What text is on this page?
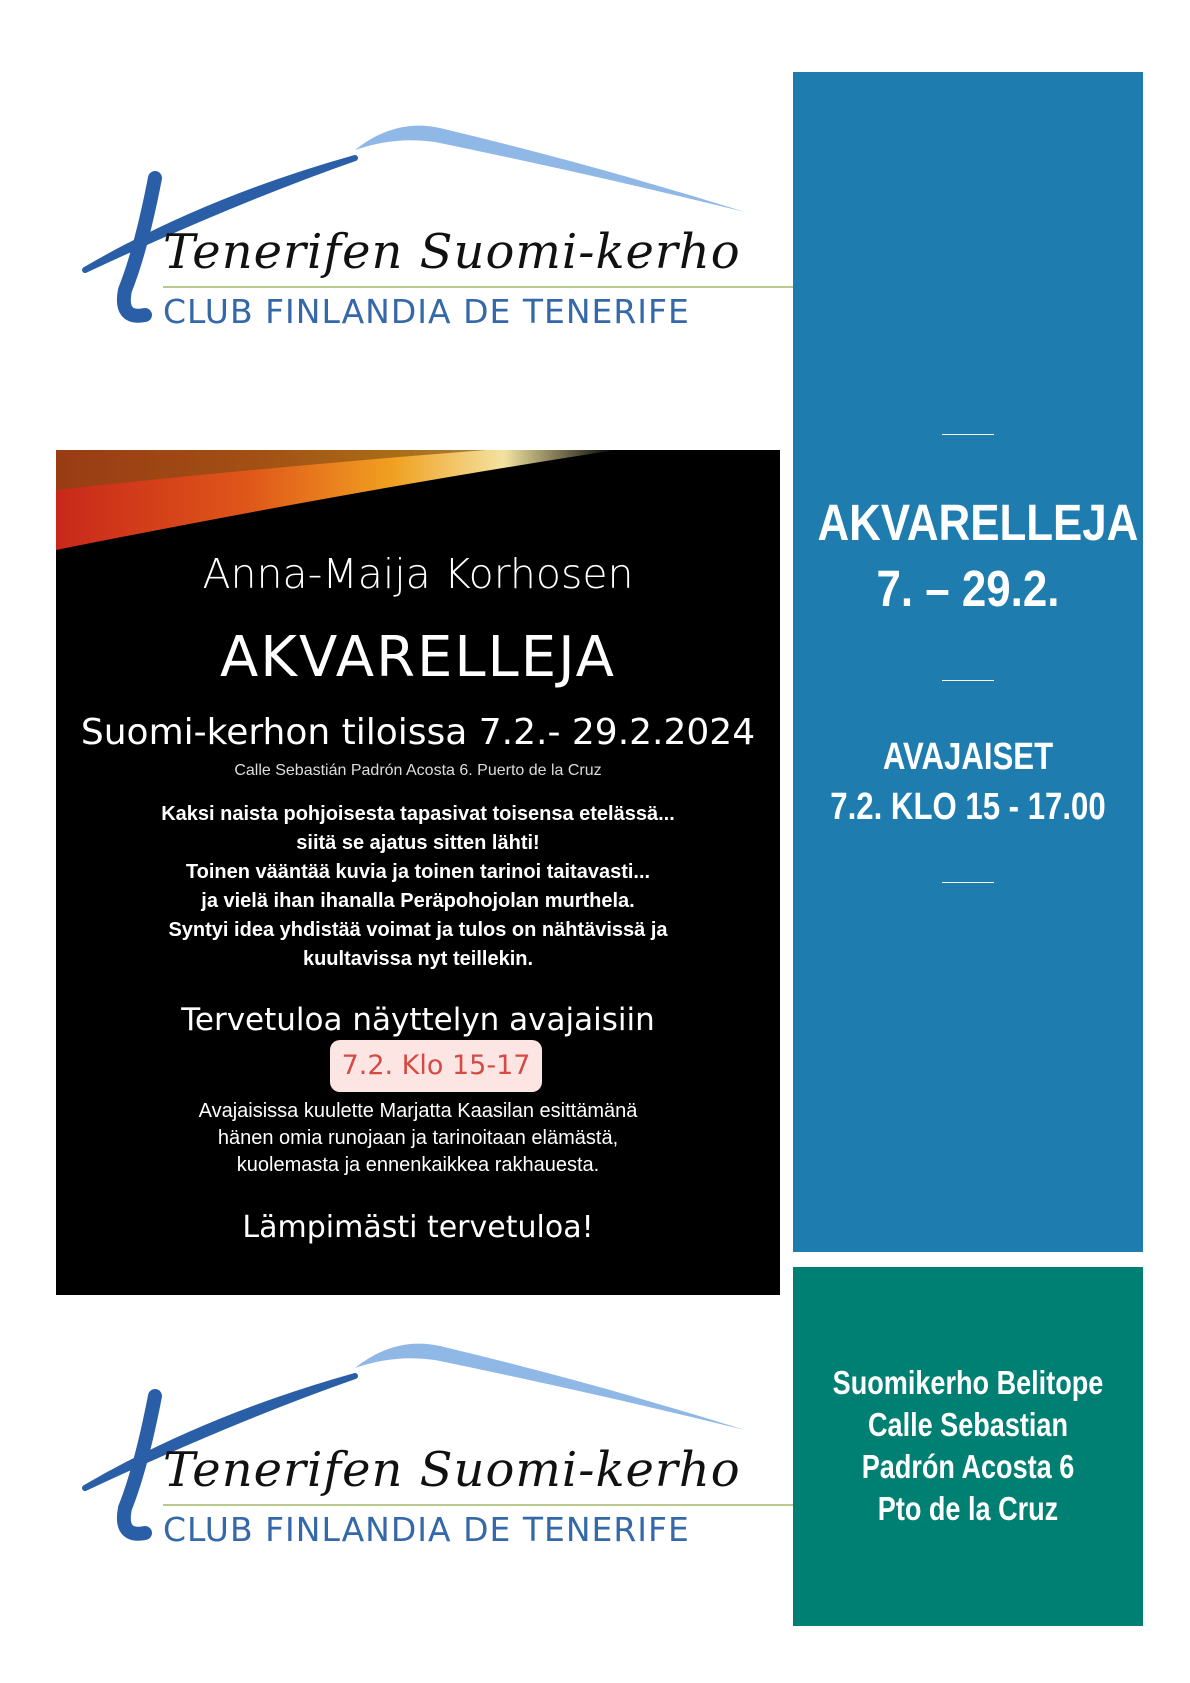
Tenerifen Suomi-kerho
CLUB FINLANDIA DE TENERIFE
Anna-Maija Korhosen
AKVARELLEJA
Suomi-kerhon tiloissa 7.2.- 29.2.2024
Calle Sebastián Padrón Acosta 6. Puerto de la Cruz
Kaksi naista pohjoisesta tapasivat toisensa etelässä...
siitä se ajatus sitten lähti!
Toinen vääntää kuvia ja toinen tarinoi taitavasti...
ja vielä ihan ihanalla Peräpohojolan murthela.
Syntyi idea yhdistää voimat ja tulos on nähtävissä ja
kuultavissa nyt teillekin.
Tervetuloa näyttelyn avajaisiin
7.2. Klo 15-17
Avajaisissa kuulette Marjatta Kaasilan esittämänä
hänen omia runojaan ja tarinoitaan elämästä,
kuolemasta ja ennenkaikkea rakhauesta.
Lämpimästi tervetuloa!
Tenerifen Suomi-kerho
CLUB FINLANDIA DE TENERIFE
AKVARELLEJA
7. – 29.2.
AVAJAISET
7.2. KLO 15 - 17.00
Suomikerho Belitope
Calle Sebastian
Padrón Acosta 6
Pto de la Cruz
